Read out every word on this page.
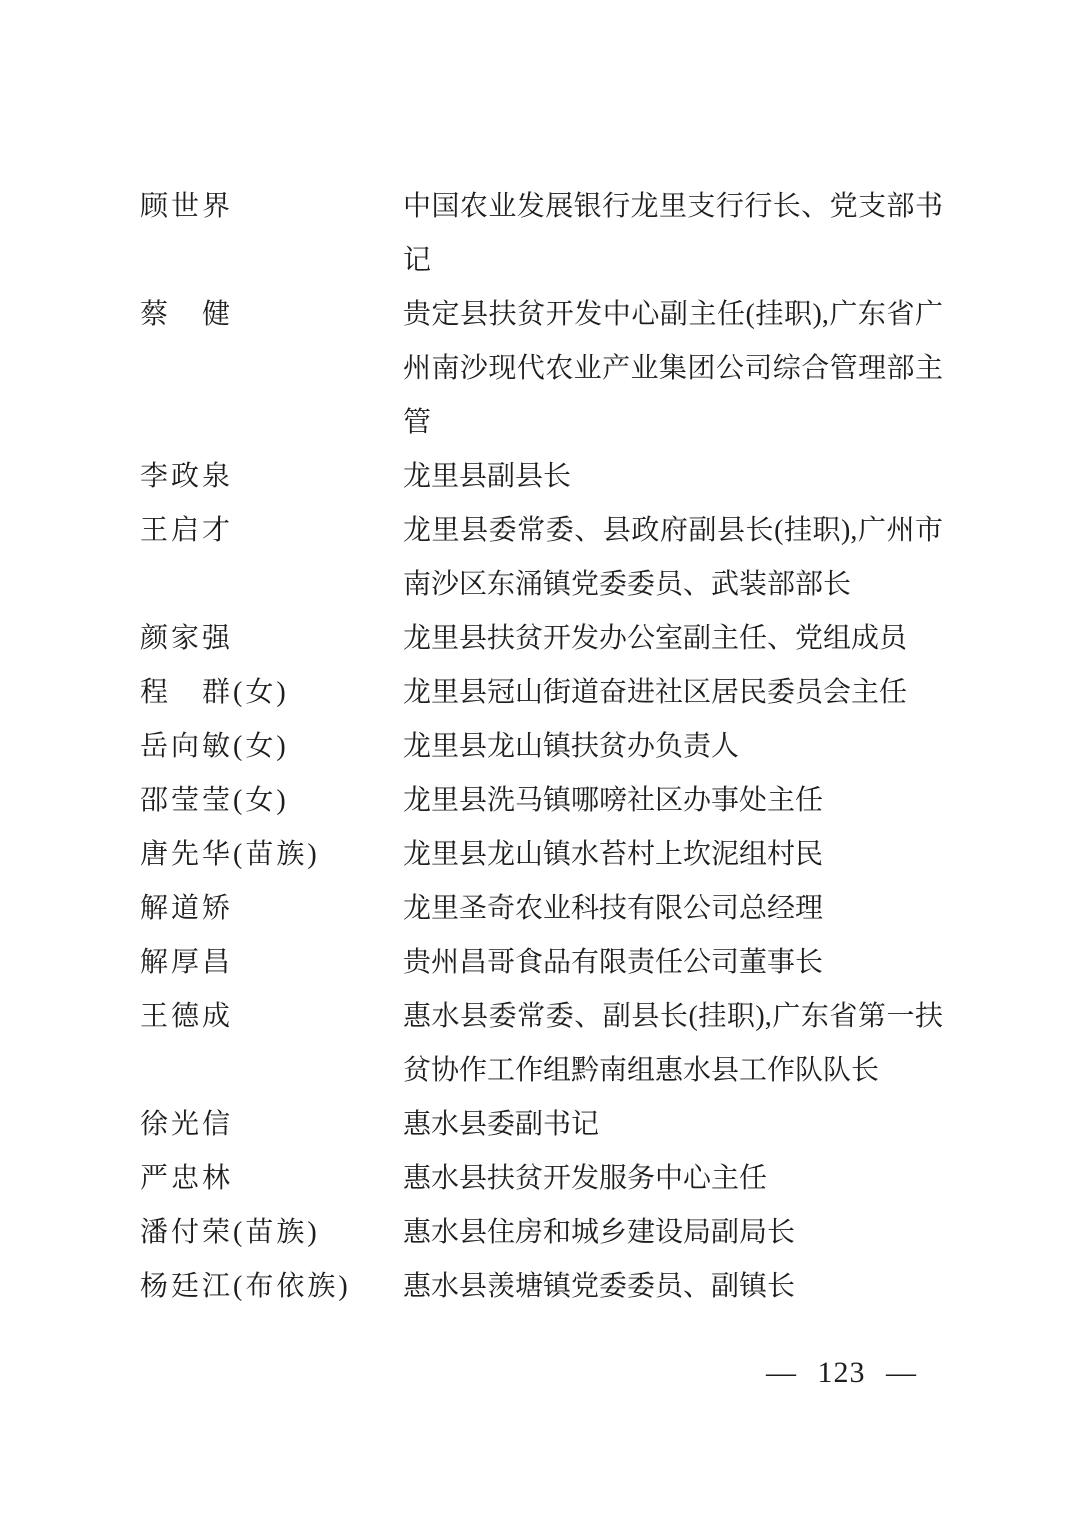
顾世界	中国农业发展银行龙里支行行长、党支部书记
蔡　健	贵定县扶贫开发中心副主任(挂职),广东省广州南沙现代农业产业集团公司综合管理部主管
李政泉	龙里县副县长
王启才	龙里县委常委、县政府副县长(挂职),广州市南沙区东涌镇党委委员、武装部部长
颜家强	龙里县扶贫开发办公室副主任、党组成员
程　群(女)	龙里县冠山街道奋进社区居民委员会主任
岳向敏(女)	龙里县龙山镇扶贫办负责人
邵莹莹(女)	龙里县洗马镇哪嗙社区办事处主任
唐先华(苗族)	龙里县龙山镇水苔村上坎泥组村民
解道矫	龙里圣奇农业科技有限公司总经理
解厚昌	贵州昌哥食品有限责任公司董事长
王德成	惠水县委常委、副县长(挂职),广东省第一扶贫协作工作组黔南组惠水县工作队队长
徐光信	惠水县委副书记
严忠林	惠水县扶贫开发服务中心主任
潘付荣(苗族)	惠水县住房和城乡建设局副局长
杨廷江(布依族)	惠水县羡塘镇党委委员、副镇长
— 123 —
